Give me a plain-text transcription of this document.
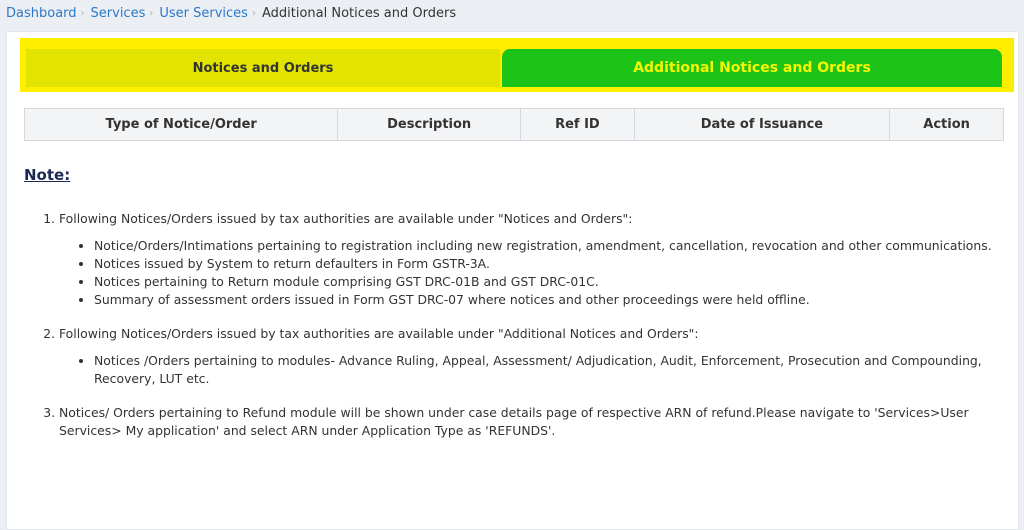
Dashboard › Services › User Services › Additional Notices and Orders
Notices and Orders	Additional Notices and Orders
Type of Notice/Order	Description	Ref ID	Date of Issuance	Action
Note:
1. Following Notices/Orders issued by tax authorities are available under "Notices and Orders":
• Notice/Orders/Intimations pertaining to registration including new registration, amendment, cancellation, revocation and other communications.
• Notices issued by System to return defaulters in Form GSTR-3A.
• Notices pertaining to Return module comprising GST DRC-01B and GST DRC-01C.
• Summary of assessment orders issued in Form GST DRC-07 where notices and other proceedings were held offline.
2. Following Notices/Orders issued by tax authorities are available under "Additional Notices and Orders":
• Notices /Orders pertaining to modules- Advance Ruling, Appeal, Assessment/ Adjudication, Audit, Enforcement, Prosecution and Compounding, Recovery, LUT etc.
3. Notices/ Orders pertaining to Refund module will be shown under case details page of respective ARN of refund.Please navigate to 'Services>User Services> My application' and select ARN under Application Type as 'REFUNDS'.
